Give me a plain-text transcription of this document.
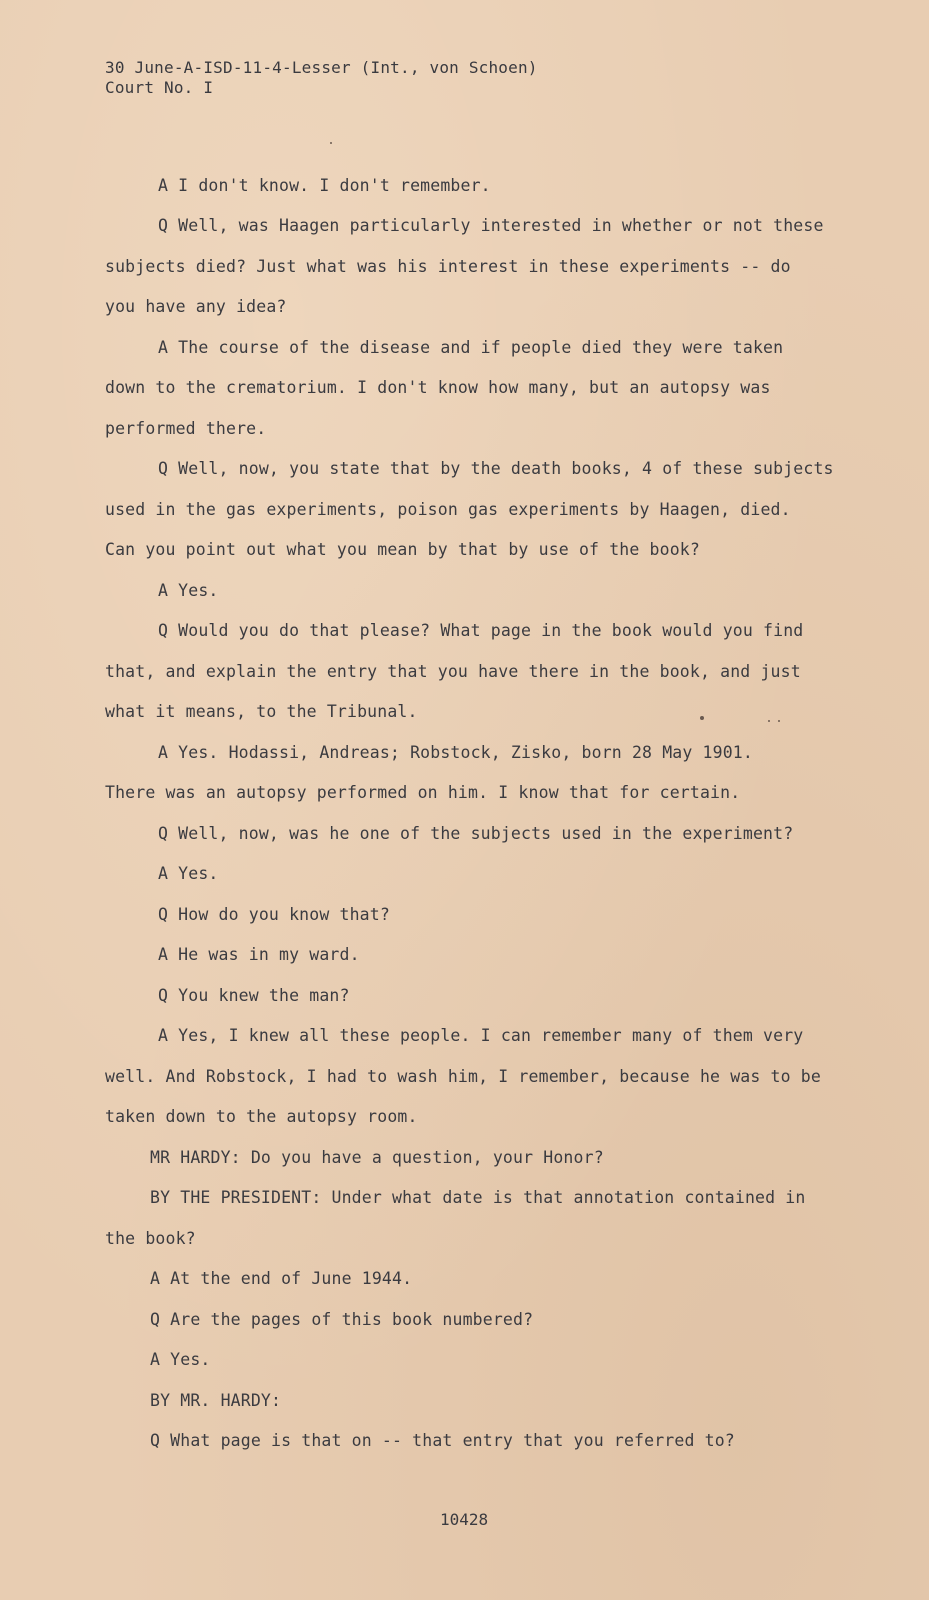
30 June-A-ISD-11-4-Lesser (Int., von Schoen)
Court No. I
A I don't know. I don't remember.
Q Well, was Haagen particularly interested in whether or not these
subjects died? Just what was his interest in these experiments -- do
you have any idea?
A The course of the disease and if people died they were taken
down to the crematorium. I don't know how many, but an autopsy was
performed there.
Q Well, now, you state that by the death books, 4 of these subjects
used in the gas experiments, poison gas experiments by Haagen, died.
Can you point out what you mean by that by use of the book?
A Yes.
Q Would you do that please? What page in the book would you find
that, and explain the entry that you have there in the book, and just
what it means, to the Tribunal.
A Yes. Hodassi, Andreas; Robstock, Zisko, born 28 May 1901.
There was an autopsy performed on him. I know that for certain.
Q Well, now, was he one of the subjects used in the experiment?
A Yes.
Q How do you know that?
A He was in my ward.
Q You knew the man?
A Yes, I knew all these people. I can remember many of them very
well. And Robstock, I had to wash him, I remember, because he was to be
taken down to the autopsy room.
MR HARDY: Do you have a question, your Honor?
BY THE PRESIDENT: Under what date is that annotation contained in
the book?
A At the end of June 1944.
Q Are the pages of this book numbered?
A Yes.
BY MR. HARDY:
Q What page is that on -- that entry that you referred to?
10428
